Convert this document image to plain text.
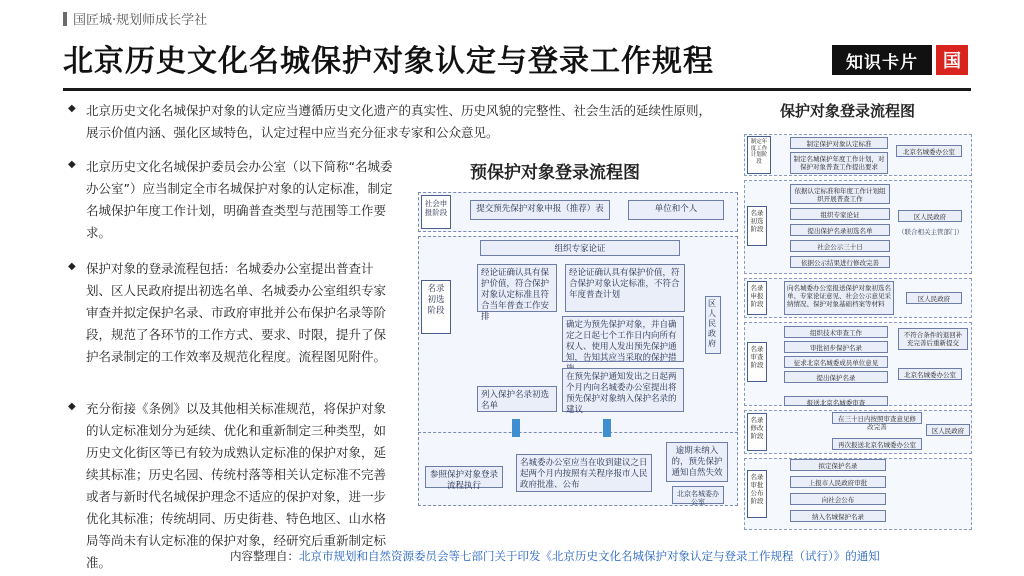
国匠城·规划师成长学社
北京历史文化名城保护对象认定与登录工作规程	知识卡片	国
◆ 北京历史文化名城保护对象的认定应当遵循历史文化遗产的真实性、历史风貌的完整性、社会生活的延续性原则，展示价值内涵、强化区域特色，认定过程中应当充分征求专家和公众意见。
◆ 北京历史文化名城保护委员会办公室（以下简称“名城委办公室”）应当制定全市名城保护对象的认定标准，制定名城保护年度工作计划，明确普查类型与范围等工作要求。
◆ 保护对象的登录流程包括：名城委办公室提出普查计划、区人民政府提出初选名单、名城委办公室组织专家审查并拟定保护名录、市政府审批并公布保护名录等阶段，规范了各环节的工作方式、要求、时限，提升了保护名录制定的工作效率及规范化程度。流程图见附件。
◆ 充分衔接《条例》以及其他相关标准规范，将保护对象的认定标准划分为延续、优化和重新制定三种类型，如历史文化街区等已有较为成熟认定标准的保护对象，延续其标准；历史名园、传统村落等相关认定标准不完善或者与新时代名城保护理念不适应的保护对象，进一步优化其标准；传统胡同、历史街巷、特色地区、山水格局等尚未有认定标准的保护对象，经研究后重新制定标准。
预保护对象登录流程图
社会申报阶段	提交预先保护对象申报（推荐）表	单位和个人
名录初选阶段
组织专家论证
经论证确认具有保护价值，符合保护对象认定标准且符合当年普查工作安排
经论证确认具有保护价值，符合保护对象认定标准，不符合年度普查计划
确定为预先保护对象，并自确定之日起七个工作日内向所有权人、使用人发出预先保护通知，告知其应当采取的保护措
在预先保护通知发出之日起两个月内向名城委办公室提出将预先保护对象纳入保护名录的建议
列入保护名录初选名单
区人民政府
参照保护对象登录流程执行
名城委办公室应当在收到建议之日起两个月内按照有关程序报市人民政府批准、公布
逾期未纳入的，预先保护通知自然失效
北京名城委办公室
保护对象登录流程图
制定年度工作计划阶段
制定保护对象认定标准
制定名城保护年度工作计划，对保护对象普查工作提出要求
北京名城委办公室
名录初选阶段
依据认定标准和年度工作计划组织开展普查工作
组织专家论证
提出保护名录初选名单
社会公示三十日
依据公示结果进行修改完善
区人民政府
（联合相关主管部门）
名录申报阶段
向名城委办公室报送保护对象初选名单、专家论证意见、社会公示意见采纳情况、保护对象基础档案等材料
区人民政府
名录审查阶段
组织技术审查工作
审批初步保护名录
征求北京名城委成员单位意见
提出保护名录	北京名城委办公室
不符合条件的退回补充完善后重新提交
名录修改阶段
在三十日内按照审查意见修改完善	区人民政府
再次报送北京名城委办公室
报送北京名城委审查
名录审批公布阶段
拟定保护名录
上报市人民政府审批
向社会公布
纳入名城保护名录
内容整理自：北京市规划和自然资源委员会等七部门关于印发《北京历史文化名城保护对象认定与登录工作规程（试行）》的通知
